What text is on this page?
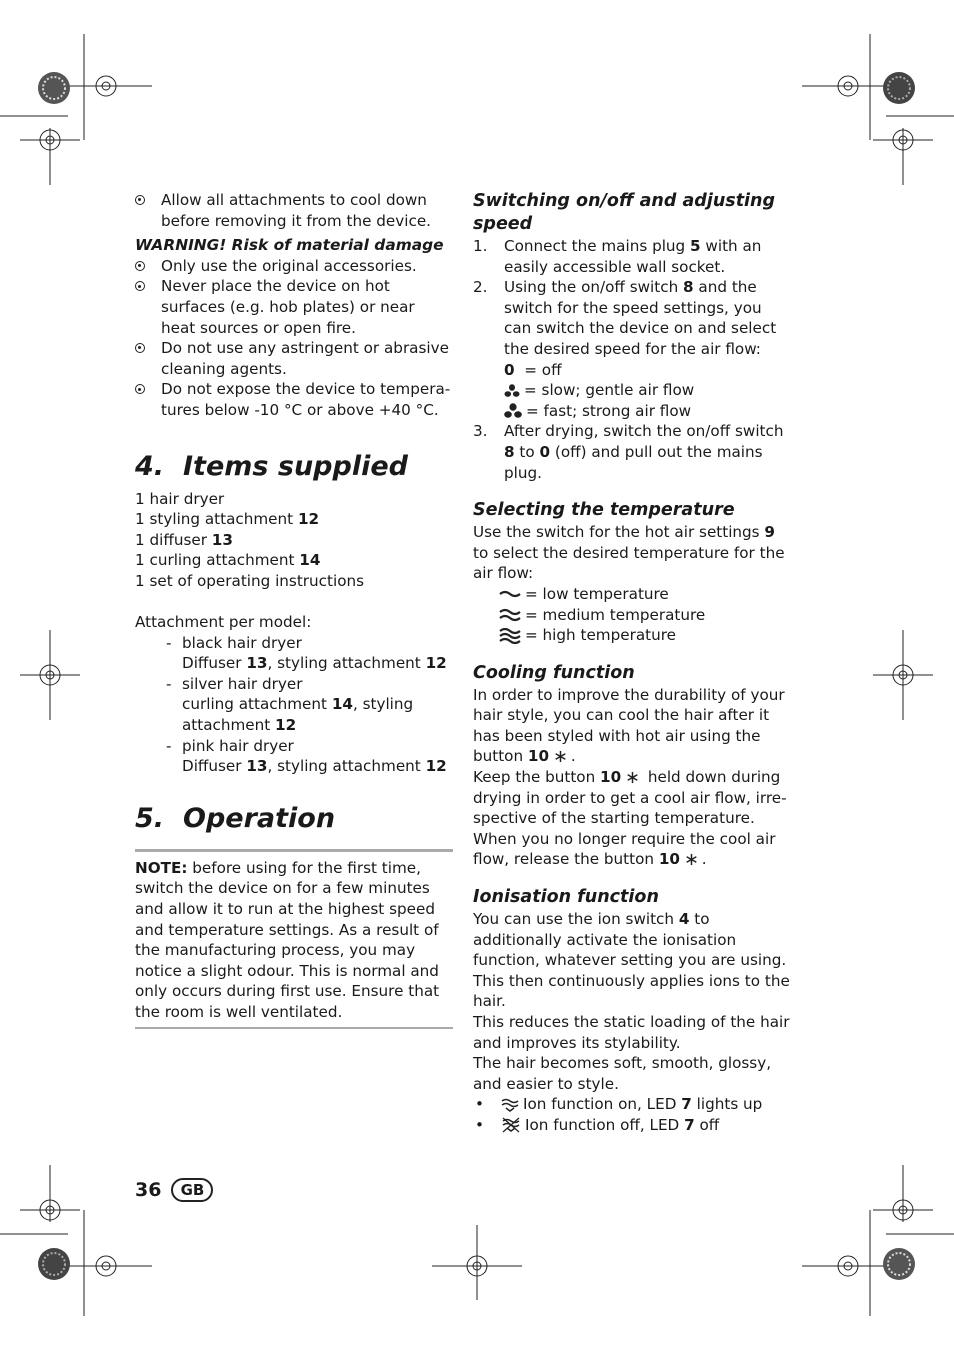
Allow all attachments to cool down before removing it from the device.

WARNING! Risk of material damage

Only use the original accessories.
Never place the device on hot surfaces (e.g. hob plates) or near heat sources or open fire.
Do not use any astringent or abrasive cleaning agents.
Do not expose the device to temperatures below -10 °C or above +40 °C.
4. Items supplied
1 hair dryer
1 styling attachment 12
1 diffuser 13
1 curling attachment 14
1 set of operating instructions
Attachment per model:
- black hair dryer
Diffuser 13, styling attachment 12
- silver hair dryer
curling attachment 14, styling attachment 12
- pink hair dryer
Diffuser 13, styling attachment 12
5. Operation
NOTE: before using for the first time, switch the device on for a few minutes and allow it to run at the highest speed and temperature settings. As a result of the manufacturing process, you may notice a slight odour. This is normal and only occurs during first use. Ensure that the room is well ventilated.

Switching on/off and adjusting speed

1. Connect the mains plug 5 with an easily accessible wall socket.
2. Using the on/off switch 8 and the switch for the speed settings, you can switch the device on and select the desired speed for the air flow:
0 = off
= slow; gentle air flow
= fast; strong air flow
3. After drying, switch the on/off switch 8 to 0 (off) and pull out the mains plug.

Selecting the temperature

Use the switch for the hot air settings 9 to select the desired temperature for the air flow:
= low temperature
= medium temperature
= high temperature

Cooling function

In order to improve the durability of your hair style, you can cool the hair after it has been styled with hot air using the button 10 .
Keep the button 10  held down during drying in order to get a cool air flow, irrespective of the starting temperature.
When you no longer require the cool air flow, release the button 10 .

Ionisation function

You can use the ion switch 4 to additionally activate the ionisation function, whatever setting you are using. This then continuously applies ions to the hair.
This reduces the static loading of the hair and improves its stylability.
The hair becomes soft, smooth, glossy, and easier to style.
•	Ion function on, LED 7 lights up
•	Ion function off, LED 7 off
36	GB
